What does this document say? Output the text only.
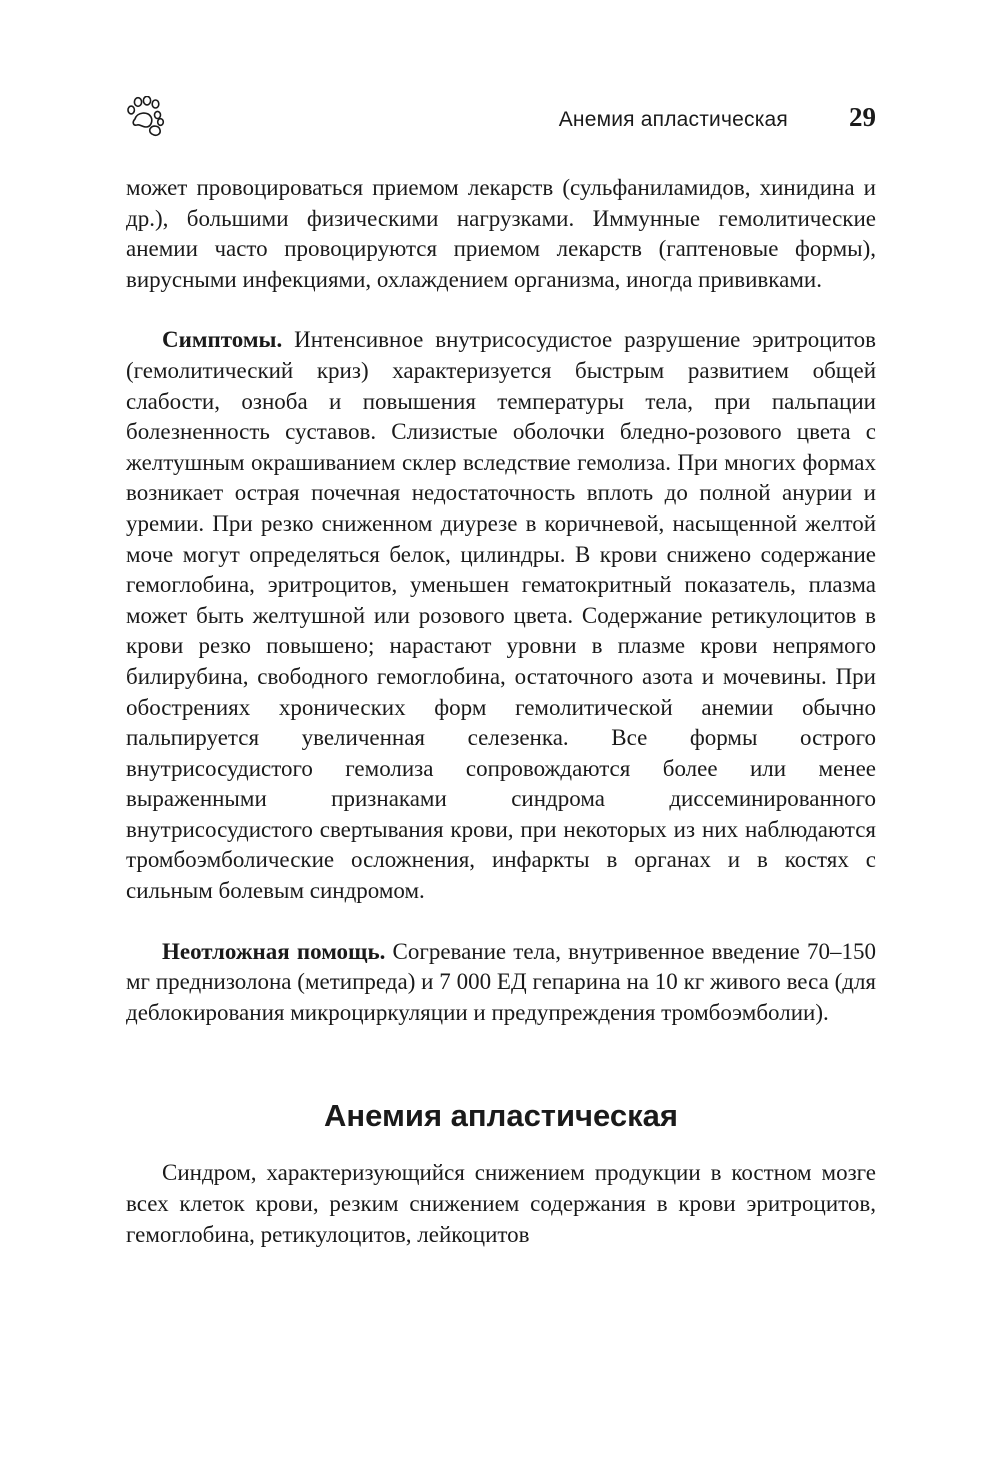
Анемия апластическая 29

может провоцироваться приемом лекарств (сульфаниламидов, хинидина и др.), большими физическими нагрузками. Иммунные гемолитические анемии часто провоцируются приемом лекарств (гаптеновые формы), вирусными инфекциями, охлаждением организма, иногда прививками.

Симптомы. Интенсивное внутрисосудистое разрушение эритроцитов (гемолитический криз) характеризуется быстрым развитием общей слабости, озноба и повышения температуры тела, при пальпации болезненность суставов. Слизистые оболочки бледно-розового цвета с желтушным окрашиванием склер вследствие гемолиза. При многих формах возникает острая почечная недостаточность вплоть до полной анурии и уремии. При резко сниженном диурезе в коричневой, насыщенной желтой моче могут определяться белок, цилиндры. В крови снижено содержание гемоглобина, эритроцитов, уменьшен гематокритный показатель, плазма может быть желтушной или розового цвета. Содержание ретикулоцитов в крови резко повышено; нарастают уровни в плазме крови непрямого билирубина, свободного гемоглобина, остаточного азота и мочевины. При обострениях хронических форм гемолитической анемии обычно пальпируется увеличенная селезенка. Все формы острого внутрисосудистого гемолиза сопровождаются более или менее выраженными признаками синдрома диссеминированного внутрисосудистого свертывания крови, при некоторых из них наблюдаются тромбоэмболические осложнения, инфаркты в органах и в костях с сильным болевым синдромом.

Неотложная помощь. Согревание тела, внутривенное введение 70–150 мг преднизолона (метипреда) и 7 000 ЕД гепарина на 10 кг живого веса (для деблокирования микроциркуляции и предупреждения тромбоэмболии).

Анемия апластическая

Синдром, характеризующийся снижением продукции в костном мозге всех клеток крови, резким снижением содержания в крови эритроцитов, гемоглобина, ретикулоцитов, лейкоцитов
